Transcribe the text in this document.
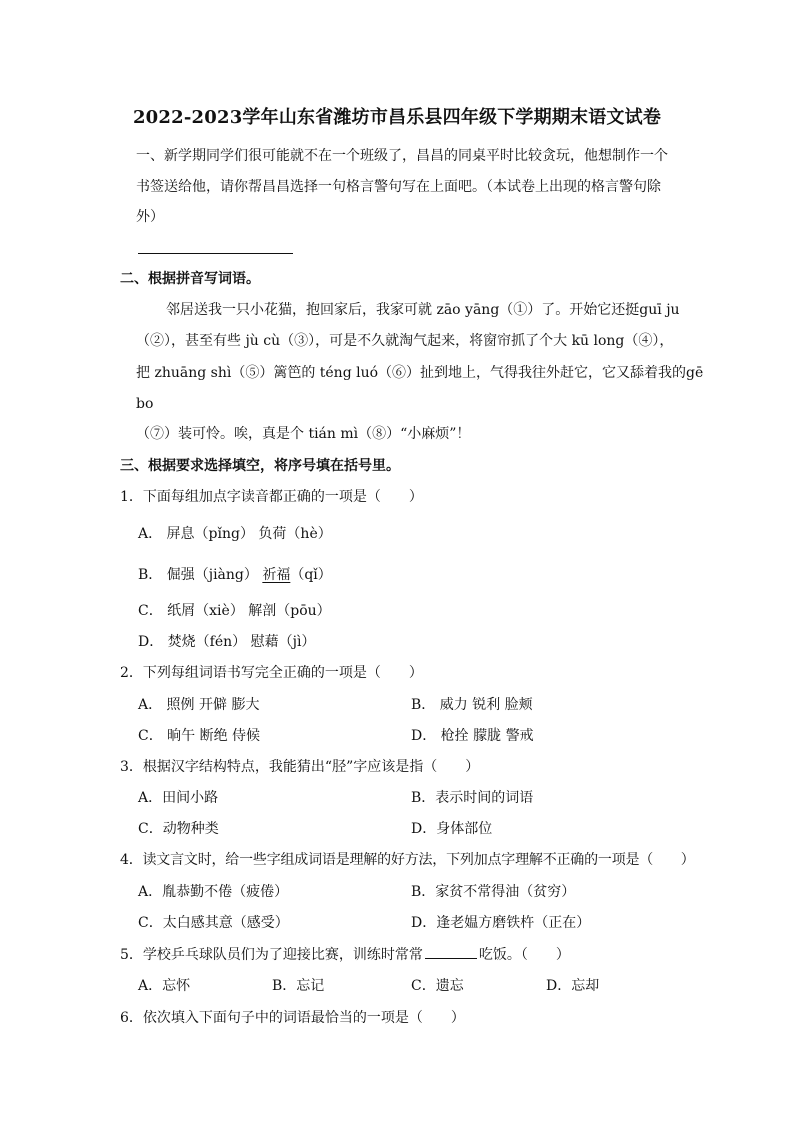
2022-2023学年山东省潍坊市昌乐县四年级下学期期末语文试卷
一、新学期同学们很可能就不在一个班级了，昌昌的同桌平时比较贪玩，他想制作一个
书签送给他，请你帮昌昌选择一句格言警句写在上面吧。（本试卷上出现的格言警句除
外）
二、根据拼音写词语。
邻居送我一只小花猫，抱回家后，我家可就 zāo yāng（①）了。开始它还挺guī ju
（②），甚至有些 jù cù（③），可是不久就淘气起来，将窗帘抓了个大 kū long（④），
把 zhuāng shì（⑤）篱笆的 téng luó（⑥）扯到地上，气得我往外赶它，它又舔着我的gē
bo
（⑦）装可怜。唉，真是个 tián mì（⑧）“小麻烦”！
三、根据要求选择填空，将序号填在括号里。
1．下面每组加点字读音都正确的一项是（　　）
A． 屏息（pǐng） 负荷（hè）
B． 倔强（jiàng） 祈福（qǐ）
C． 纸屑（xiè） 解剖（pōu）
D． 焚烧（fén） 慰藉（jì）
2．下列每组词语书写完全正确的一项是（　　）
A． 照例 开僻 膨大	B． 威力 锐利 脸颊
C． 晌午 断绝 侍候	D． 枪拴 朦胧 警戒
3．根据汉字结构特点，我能猜出“胫”字应该是指（　　）
A．田间小路	B．表示时间的词语
C．动物种类	D．身体部位
4．读文言文时，给一些字组成词语是理解的好方法，下列加点字理解不正确的一项是（　　）
A．胤恭勤不倦（疲倦）	B．家贫不常得油（贫穷）
C．太白感其意（感受）	D．逢老媪方磨铁杵（正在）
5．学校乒乓球队员们为了迎接比赛，训练时常常	吃饭。（　　）
A．忘怀	B．忘记	C．遗忘	D．忘却
6．依次填入下面句子中的词语最恰当的一项是（　　）
